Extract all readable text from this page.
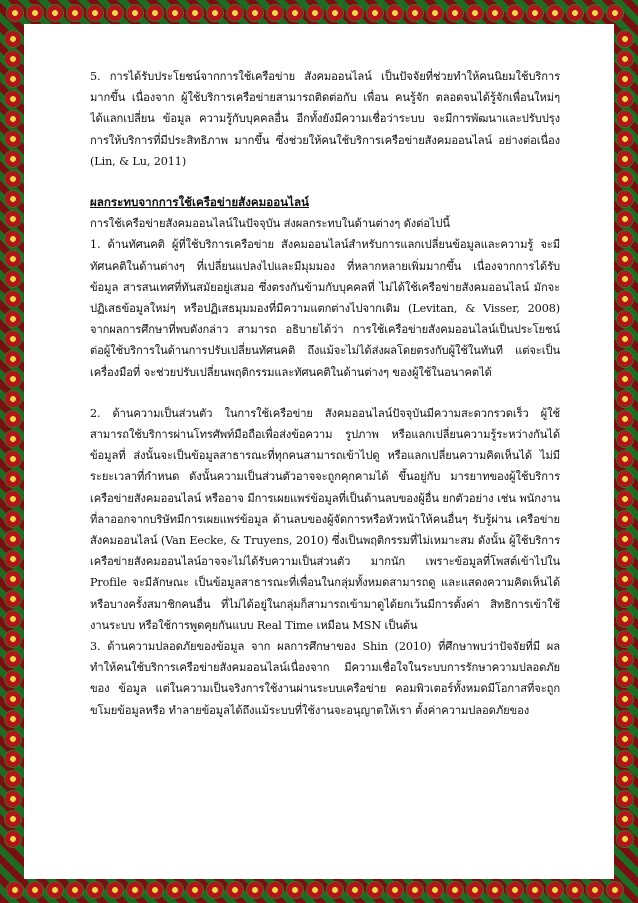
5. การได้รับประโยชน์จากการใช้เครือข่าย สังคมออนไลน์ เป็นปัจจัยที่ช่วยทำให้คนนิยมใช้บริการมากขึ้น เนื่องจาก ผู้ใช้บริการเครือข่ายสามารถติดต่อกับ เพื่อน คนรู้จัก ตลอดจนได้รู้จักเพื่อนใหม่ๆ ได้แลกเปลี่ยน ข้อมูล ความรู้กับบุคคลอื่น อีกทั้งยังมีความเชื่อว่าระบบ จะมีการพัฒนาและปรับปรุงการให้บริการที่มีประสิทธิภาพ มากขึ้น ซึ่งช่วยให้คนใช้บริการเครือข่ายสังคมออนไลน์ อย่างต่อเนื่อง (Lin, & Lu, 2011)

ผลกระทบจากการใช้เครือข่ายสังคมออนไลน์

การใช้เครือข่ายสังคมออนไลน์ในปัจจุบัน ส่งผลกระทบในด้านต่างๆ ดังต่อไปนี้

1. ด้านทัศนคติ ผู้ที่ใช้บริการเครือข่าย สังคมออนไลน์สำหรับการแลกเปลี่ยนข้อมูลและความรู้ จะมีทัศนคติในด้านต่างๆ ที่เปลี่ยนแปลงไปและมีมุมมอง ที่หลากหลายเพิ่มมากขึ้น เนื่องจากการได้รับข้อมูล สารสนเทศที่ทันสมัยอยู่เสมอ ซึ่งตรงกันข้ามกับบุคคลที่ ไม่ได้ใช้เครือข่ายสังคมออนไลน์ มักจะปฏิเสธข้อมูลใหม่ๆ หรือปฏิเสธมุมมองที่มีความแตกต่างไปจากเดิม (Levitan, & Visser, 2008) จากผลการศึกษาที่พบดังกล่าว สามารถ อธิบายได้ว่า การใช้เครือข่ายสังคมออนไลน์เป็นประโยชน์ ต่อผู้ใช้บริการในด้านการปรับเปลี่ยนทัศนคติ ถึงแม้จะไม่ได้ส่งผลโดยตรงกับผู้ใช้ในทันที แต่จะเป็นเครื่องมือที่ จะช่วยปรับเปลี่ยนพฤติกรรมและทัศนคติในด้านต่างๆ ของผู้ใช้ในอนาคตได้

2. ด้านความเป็นส่วนตัว ในการใช้เครือข่าย สังคมออนไลน์ปัจจุบันมีความสะดวกรวดเร็ว ผู้ใช้สามารถใช้บริการผ่านโทรศัพท์มือถือเพื่อส่งข้อความ รูปภาพ หรือแลกเปลี่ยนความรู้ระหว่างกันได้ ข้อมูลที่ ส่งนั้นจะเป็นข้อมูลสาธารณะที่ทุกคนสามารถเข้าไปดู หรือแลกเปลี่ยนความคิดเห็นได้ ไม่มีระยะเวลาที่กำหนด ดังนั้นความเป็นส่วนตัวอาจจะถูกคุกคามได้ ขึ้นอยู่กับ มารยาทของผู้ใช้บริการเครือข่ายสังคมออนไลน์ หรืออาจ มีการเผยแพร่ข้อมูลที่เป็นด้านลบของผู้อื่น ยกตัวอย่าง เช่น พนักงานที่ลาออกจากบริษัทมีการเผยแพร่ข้อมูล ด้านลบของผู้จัดการหรือหัวหน้าให้คนอื่นๆ รับรู้ผ่าน เครือข่ายสังคมออนไลน์ (Van Eecke, & Truyens, 2010) ซึ่งเป็นพฤติกรรมที่ไม่เหมาะสม ดังนั้น ผู้ใช้บริการ เครือข่ายสังคมออนไลน์อาจจะไม่ได้รับความเป็นส่วนตัว มากนัก เพราะข้อมูลที่โพสต์เข้าไปใน Profile จะมีลักษณะ เป็นข้อมูลสาธารณะที่เพื่อนในกลุ่มทั้งหมดสามารถดู และแสดงความคิดเห็นได้ หรือบางครั้งสมาชิกคนอื่น ที่ไม่ได้อยู่ในกลุ่มก็สามารถเข้ามาดูได้ยกเว้นมีการตั้งค่า สิทธิการเข้าใช้งานระบบ หรือใช้การพูดคุยกันแบบ Real Time เหมือน MSN เป็นต้น

3. ด้านความปลอดภัยของข้อมูล จาก ผลการศึกษาของ Shin (2010) ที่ศึกษาพบว่าปัจจัยที่มี ผลทำให้คนใช้บริการเครือข่ายสังคมออนไลน์เนื่องจาก มีความเชื่อใจในระบบการรักษาความปลอดภัยของ ข้อมูล แต่ในความเป็นจริงการใช้งานผ่านระบบเครือข่าย คอมพิวเตอร์ทั้งหมดมีโอกาสที่จะถูกขโมยข้อมูลหรือ ทำลายข้อมูลได้ถึงแม้ระบบที่ใช้งานจะอนุญาตให้เรา ตั้งค่าความปลอดภัยของ
